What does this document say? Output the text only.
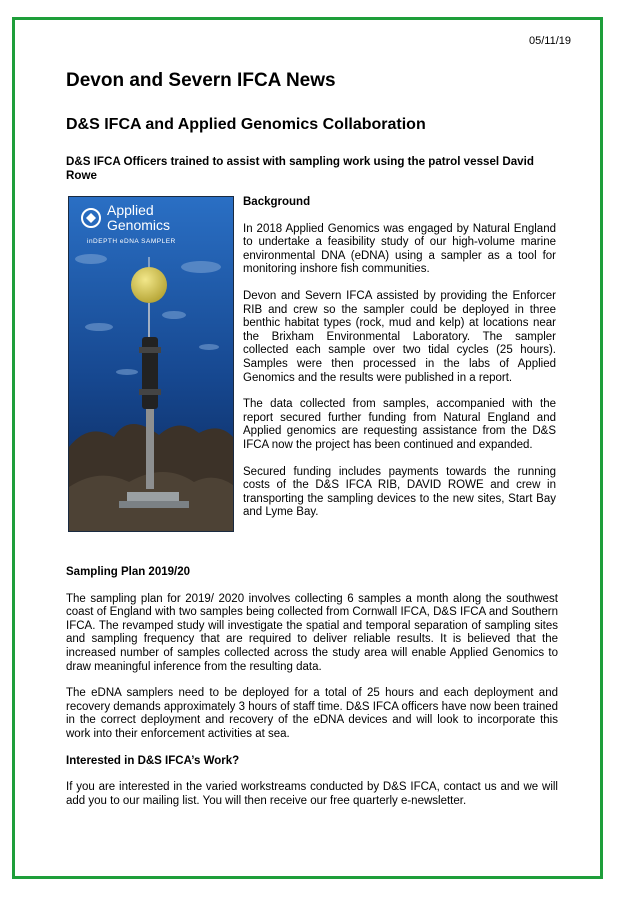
05/11/19
Devon and Severn IFCA News
D&S IFCA and Applied Genomics Collaboration
D&S IFCA Officers trained to assist with sampling work using the patrol vessel David Rowe
Applied
Genomics
inDEPTH eDNA SAMPLER
Background

In 2018 Applied Genomics was engaged by Natural England to undertake a feasibility study of our high-volume marine environmental DNA (eDNA) using a sampler as a tool for monitoring inshore fish communities.

Devon and Severn IFCA assisted by providing the Enforcer RIB and crew so the sampler could be deployed in three benthic habitat types (rock, mud and kelp) at locations near the Brixham Environmental Laboratory. The sampler collected each sample over two tidal cycles (25 hours). Samples were then processed in the labs of Applied Genomics and the results were published in a report.

The data collected from samples, accompanied with the report secured further funding from Natural England and Applied genomics are requesting assistance from the D&S IFCA now the project has been continued and expanded.

Secured funding includes payments towards the running costs of the D&S IFCA RIB, DAVID ROWE and crew in transporting the sampling devices to the new sites, Start Bay and Lyme Bay.

Sampling Plan 2019/20

The sampling plan for 2019/ 2020 involves collecting 6 samples a month along the southwest coast of England with two samples being collected from Cornwall IFCA, D&S IFCA and Southern IFCA. The revamped study will investigate the spatial and temporal separation of sampling sites and sampling frequency that are required to deliver reliable results. It is believed that the increased number of samples collected across the study area will enable Applied Genomics to draw meaningful inference from the resulting data.

The eDNA samplers need to be deployed for a total of 25 hours and each deployment and recovery demands approximately 3 hours of staff time. D&S IFCA officers have now been trained in the correct deployment and recovery of the eDNA devices and will look to incorporate this work into their enforcement activities at sea.

Interested in D&S IFCA’s Work?

If you are interested in the varied workstreams conducted by D&S IFCA, contact us and we will add you to our mailing list. You will then receive our free quarterly e-newsletter.
